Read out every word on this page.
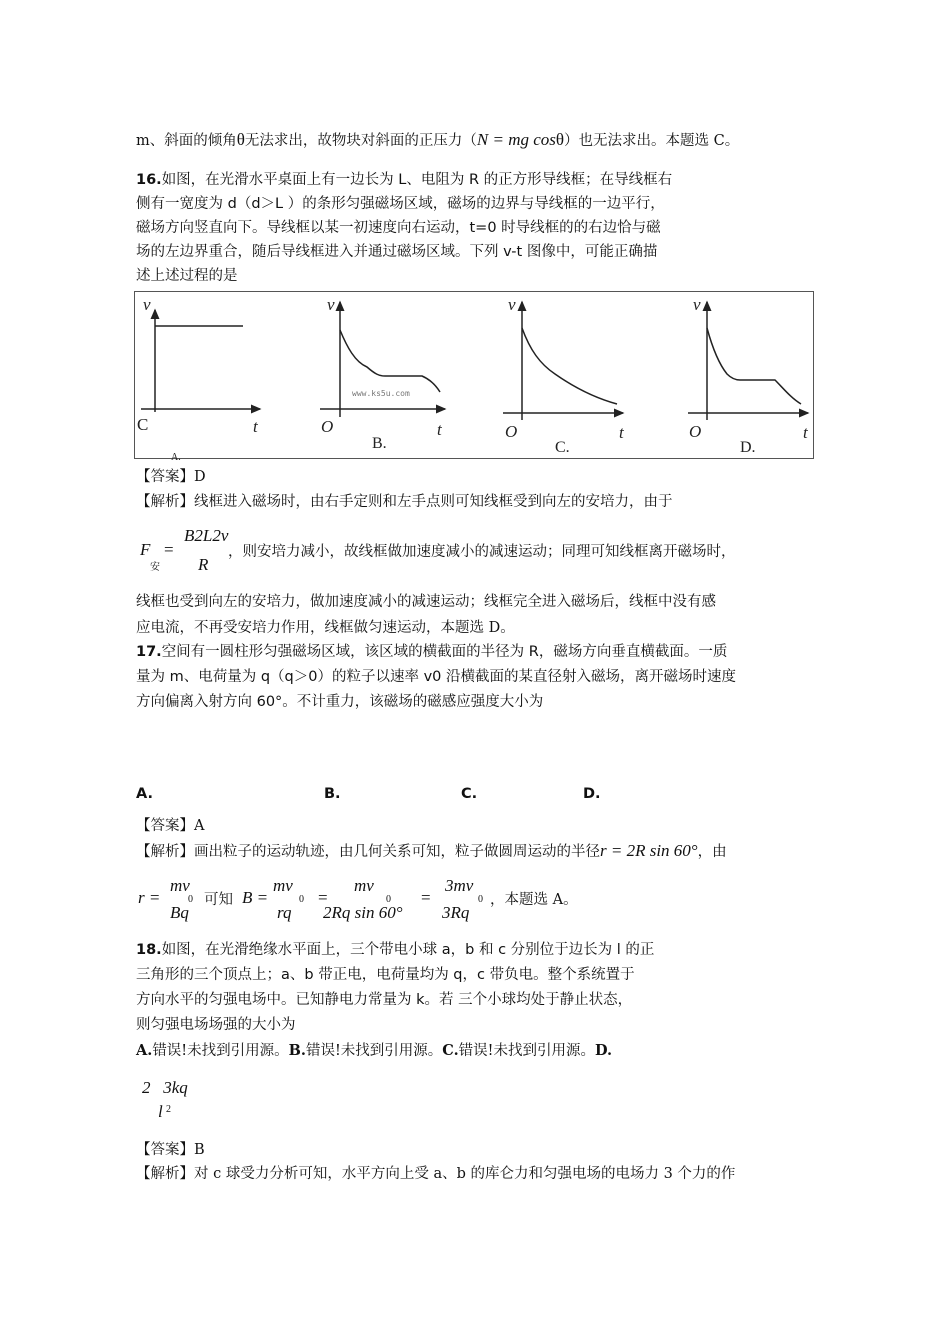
m、斜面的倾角θ无法求出，故物块对斜面的正压力（N = mg cosθ）也无法求出。本题选 C。
16.如图，在光滑水平桌面上有一边长为 L、电阻为 R 的正方形导线框；在导线框右
侧有一宽度为 d（d＞L ）的条形匀强磁场区域，磁场的边界与导线框的一边平行，
磁场方向竖直向下。导线框以某一初速度向右运动，t=0 时导线框的的右边恰与磁
场的左边界重合，随后导线框进入并通过磁场区域。下列 v-t 图像中，可能正确描
述上述过程的是
v
C	t
A.
v
O	t
B.
www.ks5u.com
v
O	t
C.
v
O	t
D.
【答案】D
【解析】线框进入磁场时，由右手定则和左手点则可知线框受到向左的安培力，由于
F
安
=
B2L2v
R
，则安培力减小，故线框做加速度减小的减速运动；同理可知线框离开磁场时，
线框也受到向左的安培力，做加速度减小的减速运动；线框完全进入磁场后，线框中没有感
应电流，不再受安培力作用，线框做匀速运动，本题选 D。
17.空间有一圆柱形匀强磁场区域，该区域的横截面的半径为 R，磁场方向垂直横截面。一质
量为 m、电荷量为 q（q＞0）的粒子以速率 v0 沿横截面的某直径射入磁场，离开磁场时速度
方向偏离入射方向 60°。不计重力，该磁场的磁感应强度大小为
A.	B.	C.	D.
【答案】A
【解析】画出粒子的运动轨迹，由几何关系可知，粒子做圆周运动的半径r = 2R sin 60°，由
r =
mv
0
Bq
可知 B =
mv
0
rq
=
mv
0
2Rq sin 60°
=
3mv
3Rq
0 ，本题选 A。
18.如图，在光滑绝缘水平面上，三个带电小球 a，b 和 c 分别位于边长为 l 的正
三角形的三个顶点上；a、b 带正电，电荷量均为 q，c 带负电。整个系统置于
方向水平的匀强电场中。已知静电力常量为 k。若 三个小球均处于静止状态，
则匀强电场场强的大小为
A.错误!未找到引用源。B.错误!未找到引用源。C.错误!未找到引用源。D.
2   3kq
l 2
【答案】B
【解析】对 c 球受力分析可知，水平方向上受 a、b 的库仑力和匀强电场的电场力 3 个力的作
